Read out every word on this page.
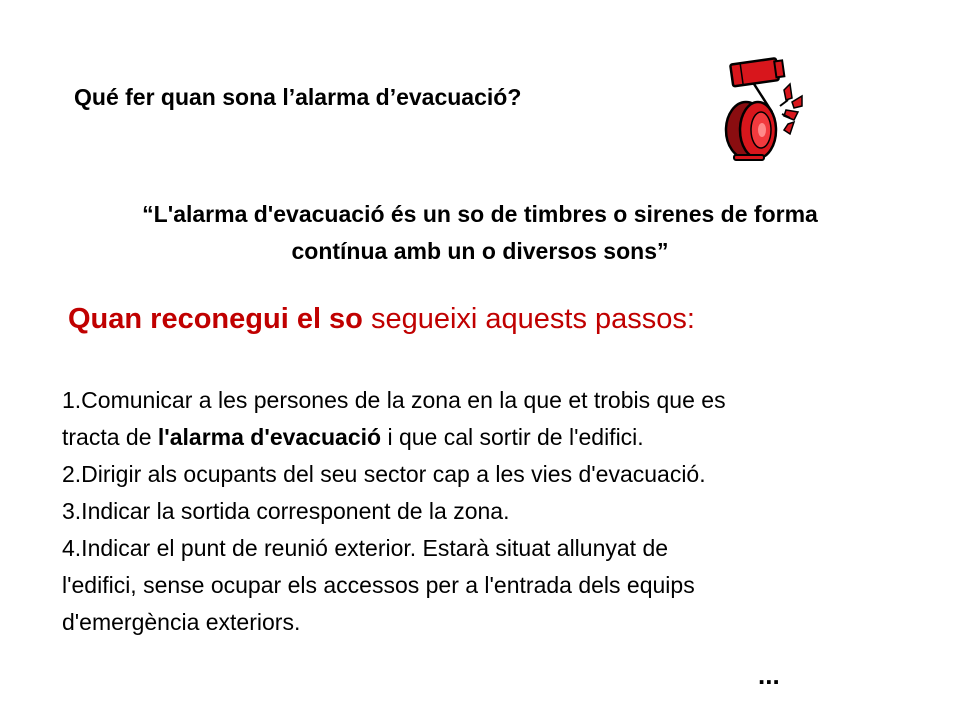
Qué fer quan sona l’alarma d’evacuació?
“L'alarma d'evacuació és un so de timbres o sirenes de forma
contínua amb un o diversos sons”
Quan reconegui el so segueixi aquests passos:
1.Comunicar a les persones de la zona en la que et trobis que es
tracta de l'alarma d'evacuació i que cal sortir de l'edifici.
2.Dirigir als ocupants del seu sector cap a les vies d'evacuació.
3.Indicar la sortida corresponent de la zona.
4.Indicar el punt de reunió exterior. Estarà situat allunyat de
l'edifici, sense ocupar els accessos per a l'entrada dels equips
d'emergència exteriors.
...
